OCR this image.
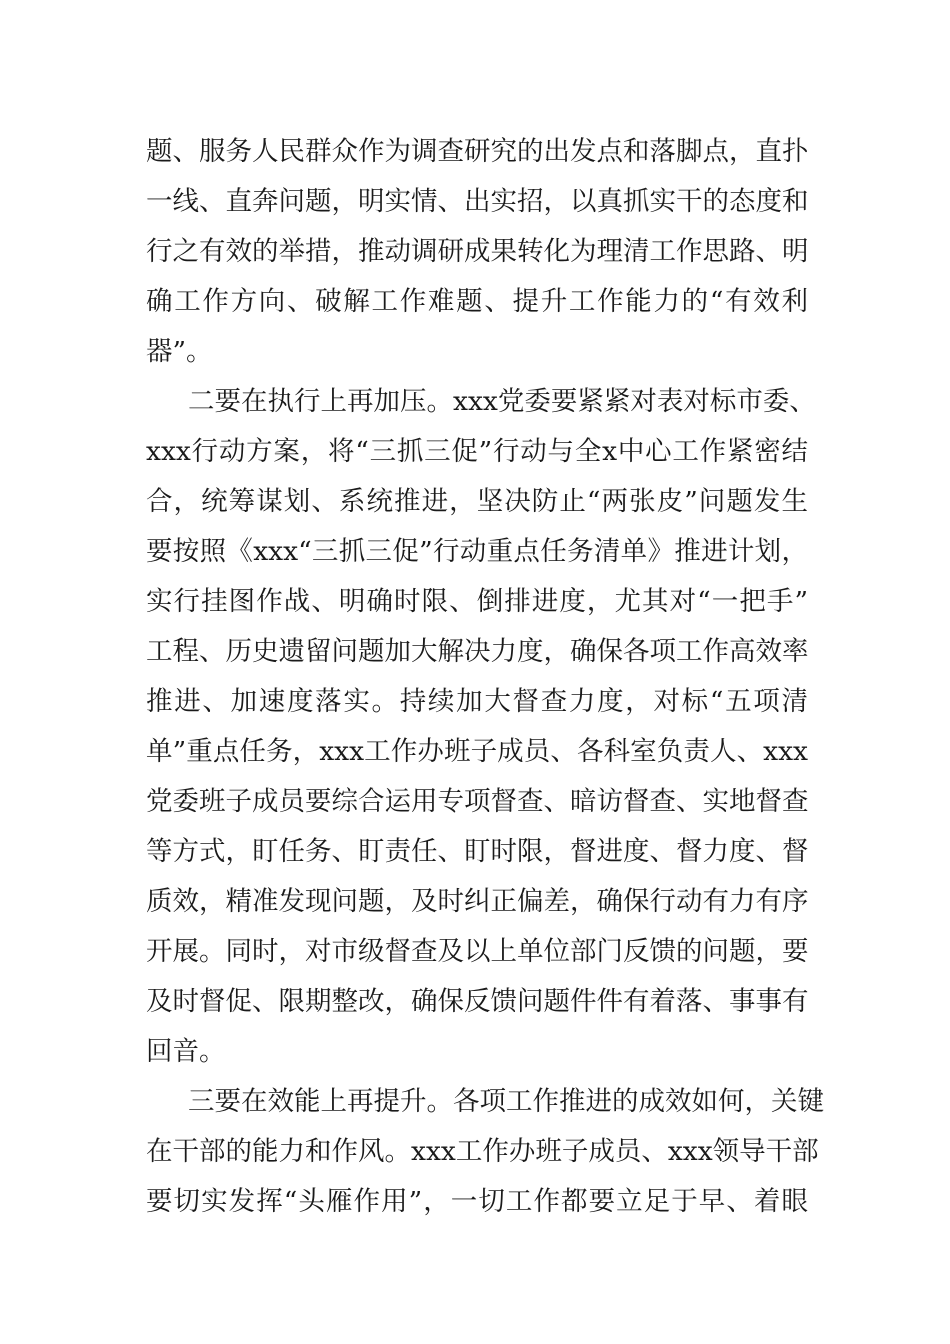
题、服务人民群众作为调查研究的出发点和落脚点，直扑
一线、直奔问题，明实情、出实招，以真抓实干的态度和
行之有效的举措，推动调研成果转化为理清工作思路、明
确工作方向、破解工作难题、提升工作能力的“有效利
器”。
二要在执行上再加压。xxx党委要紧紧对表对标市委、
xxx行动方案，将“三抓三促”行动与全x中心工作紧密结
合，统筹谋划、系统推进，坚决防止“两张皮”问题发生
要按照《xxx“三抓三促”行动重点任务清单》推进计划，
实行挂图作战、明确时限、倒排进度，尤其对“一把手”
工程、历史遗留问题加大解决力度，确保各项工作高效率
推进、加速度落实。持续加大督查力度，对标“五项清
单”重点任务，xxx工作办班子成员、各科室负责人、xxx
党委班子成员要综合运用专项督查、暗访督查、实地督查
等方式，盯任务、盯责任、盯时限，督进度、督力度、督
质效，精准发现问题，及时纠正偏差，确保行动有力有序
开展。同时，对市级督查及以上单位部门反馈的问题，要
及时督促、限期整改，确保反馈问题件件有着落、事事有
回音。
三要在效能上再提升。各项工作推进的成效如何，关键
在干部的能力和作风。xxx工作办班子成员、xxx领导干部
要切实发挥“头雁作用”，一切工作都要立足于早、着眼
